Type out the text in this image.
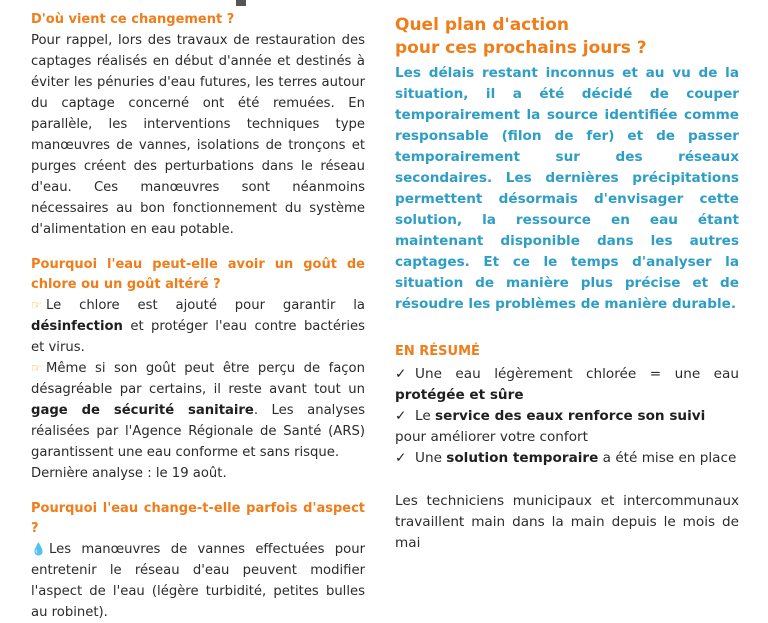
D'où vient ce changement ?

Pour rappel, lors des travaux de restauration des captages réalisés en début d'année et destinés à éviter les pénuries d'eau futures, les terres autour du captage concerné ont été remuées. En parallèle, les interventions techniques type manœuvres de vannes, isolations de tronçons et purges créent des perturbations dans le réseau d'eau. Ces manœuvres sont néanmoins nécessaires au bon fonctionnement du système d'alimentation en eau potable.

Pourquoi l'eau peut-elle avoir un goût de chlore ou un goût altéré ?

☞ Le chlore est ajouté pour garantir la désinfection et protéger l'eau contre bactéries et virus.

☞ Même si son goût peut être perçu de façon désagréable par certains, il reste avant tout un gage de sécurité sanitaire. Les analyses réalisées par l'Agence Régionale de Santé (ARS) garantissent une eau conforme et sans risque.

Dernière analyse : le 19 août.

Pourquoi l'eau change-t-elle parfois d'aspect ?

💧 Les manœuvres de vannes effectuées pour entretenir le réseau d'eau peuvent modifier l'aspect de l'eau (légère turbidité, petites bulles au robinet).

Quel plan d'action

pour ces prochains jours ?

Les délais restant inconnus et au vu de la situation, il a été décidé de couper temporairement la source identifiée comme responsable (filon de fer) et de passer temporairement sur des réseaux secondaires. Les dernières précipitations permettent désormais d'envisager cette solution, la ressource en eau étant maintenant disponible dans les autres captages. Et ce le temps d'analyser la situation de manière plus précise et de résoudre les problèmes de manière durable.

EN RÉSUMÉ

✓ Une eau légèrement chlorée = une eau protégée et sûre

✓ Le service des eaux renforce son suivi pour améliorer votre confort

✓ Une solution temporaire a été mise en place

Les techniciens municipaux et intercommunaux travaillent main dans la main depuis le mois de mai
